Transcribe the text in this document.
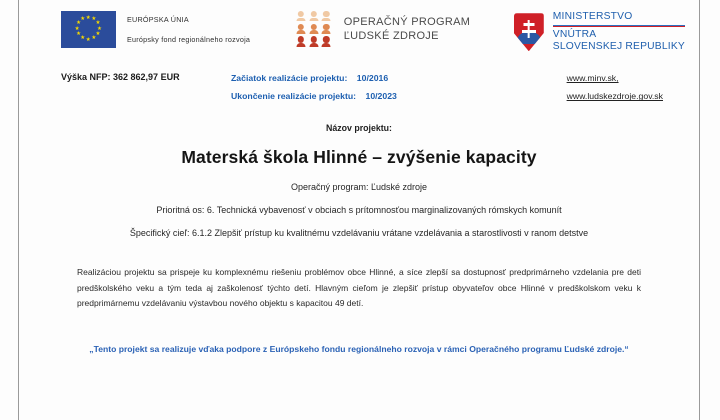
★
★
★
★
★
★
★
★
★
★
★
★
EURÓPSKA ÚNIA
Európsky fond regionálneho rozvoja
OPERAČNÝ PROGRAM
ĽUDSKÉ ZDROJE
MINISTERSTVO
VNÚTRA
SLOVENSKEJ REPUBLIKY
Výška NFP: 362 862,97 EUR	Začiatok realizácie projektu: 10/2016
Ukončenie realizácie projektu: 10/2023
www.minv.sk,
www.ludskezdroje.gov.sk
Názov projektu:
Materská škola Hlinné – zvýšenie kapacity
Operačný program: Ľudské zdroje
Prioritná os: 6. Technická vybavenosť v obciach s prítomnosťou marginalizovaných rómskych komunít
Špecifický cieľ: 6.1.2 Zlepšiť prístup ku kvalitnému vzdelávaniu vrátane vzdelávania a starostlivosti v ranom detstve
Realizáciou projektu sa prispeje ku komplexnému riešeniu problémov obce Hlinné, a síce zlepší sa dostupnosť predprimárneho vzdelania pre deti predškolského veku a tým teda aj zaškolenosť týchto detí. Hlavným cieľom je zlepšiť prístup obyvateľov obce Hlinné v predškolskom veku k predprimárnemu vzdelávaniu výstavbou nového objektu s kapacitou 49 detí.
„Tento projekt sa realizuje vďaka podpore z Európskeho fondu regionálneho rozvoja v rámci Operačného programu Ľudské zdroje.“
